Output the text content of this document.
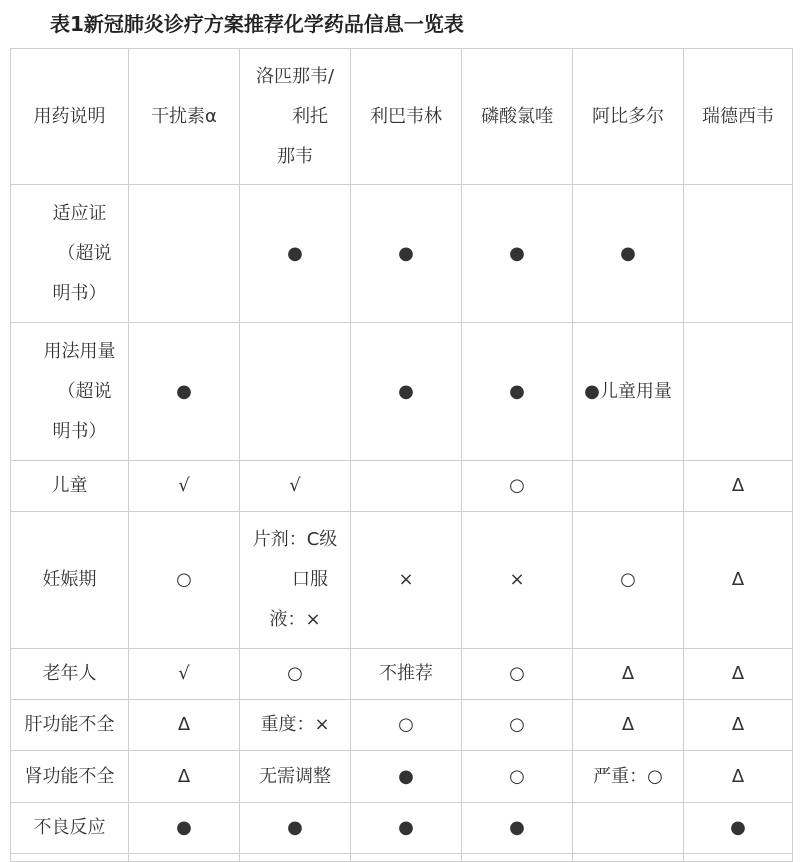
表1新冠肺炎诊疗方案推荐化学药品信息一览表
用药说明	干扰素α	洛匹那韦/
利托
那韦	利巴韦林	磷酸氯喹	阿比多尔	瑞德西韦

适应证
（超说
明书）		●	●	●	●	

用法用量
（超说
明书）	●		●	●	●儿童用量	
儿童	√	√		○		Δ
妊娠期	○	片剂：C级
口服
液：×	×	×	○	Δ
老年人	√	○	不推荐	○	Δ	Δ
肝功能不全	Δ	重度：×	○	○	Δ	Δ
肾功能不全	Δ	无需调整	●	○	严重：○	Δ
不良反应	●	●	●	●		●
